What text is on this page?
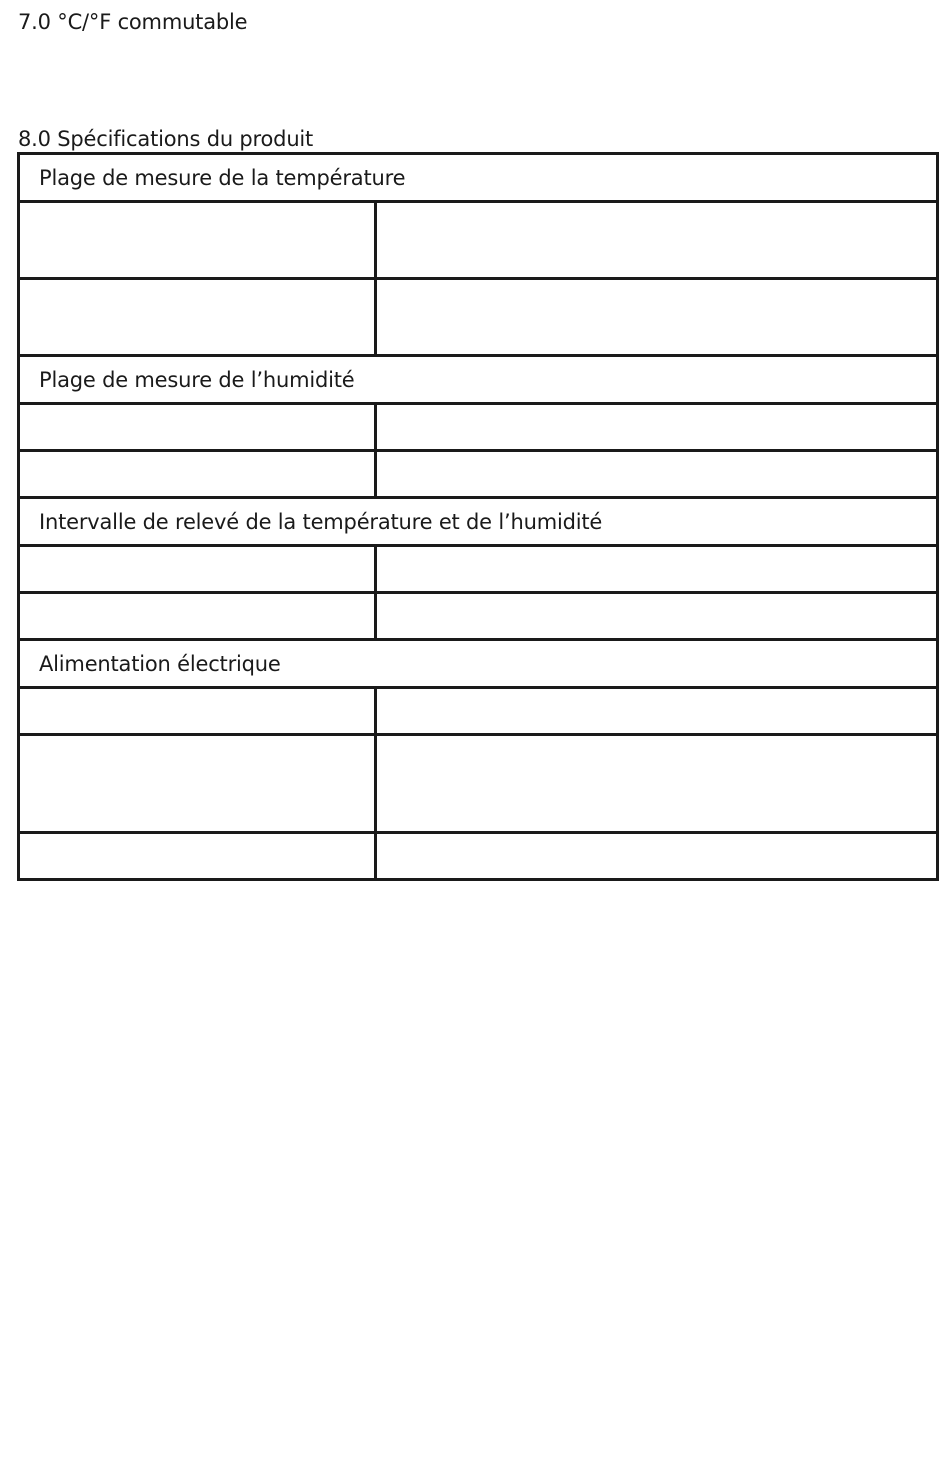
7.0 °C/°F commutable
8.0 Spécifications du produit
Plage de mesure de la température	

Plage de mesure de l’humidité	

Intervalle de relevé de la température et de l’humidité	

Alimentation électrique	
